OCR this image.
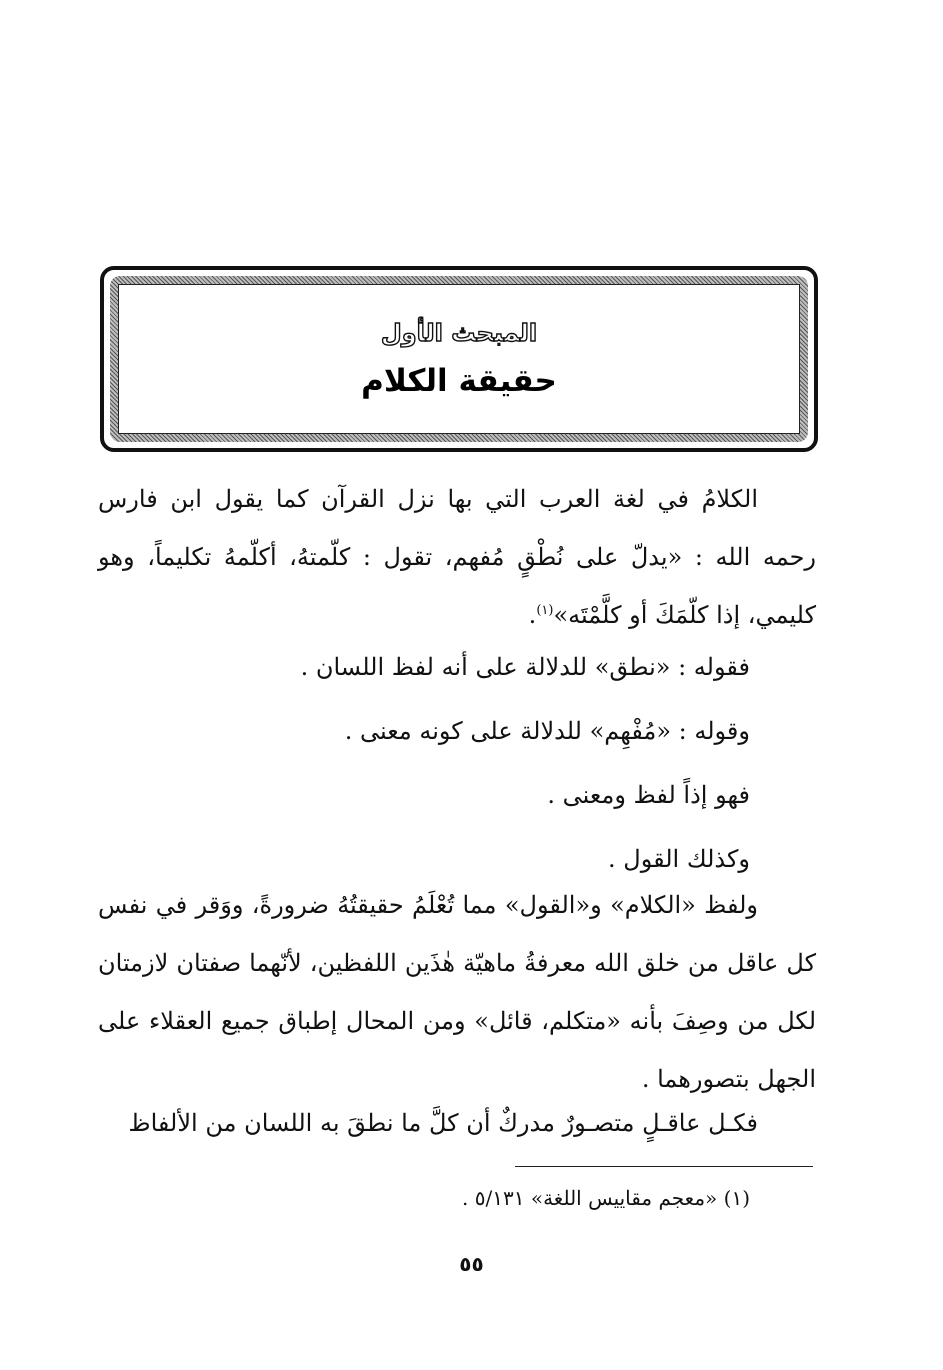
المبحث الأول
حقيقة الكلام
الكلامُ في لغة العرب التي بها نزل القرآن كما يقول ابن فارس رحمه الله : «يدلّ على نُطْقٍ مُفهم، تقول : كلّمتهُ، أكلّمهُ تكليماً، وهو كليمي، إذا كلّمَكَ أو كلَّمْتَه»$^{(١)}$.
فقوله : «نطق» للدلالة على أنه لفظ اللسان .
وقوله : «مُفْهِم» للدلالة على كونه معنى .
فهو إذاً لفظ ومعنى .
وكذلك القول .
ولفظ «الكلام» و«القول» مما تُعْلَمُ حقيقتُهُ ضرورةً، ووَقر في نفس كل عاقل من خلق الله معرفةُ ماهيّة هٰذَين اللفظين، لأنّهما صفتان لازمتان لكل من وصِفَ بأنه «متكلم، قائل» ومن المحال إطباق جميع العقلاء على الجهل بتصورهما .
فكـل عاقـلٍ متصـورٌ مدركٌ أن كلَّ ما نطقَ به اللسان من الألفاظ
(١) «معجم مقاييس اللغة» ٥/١٣١ .
٥٥
